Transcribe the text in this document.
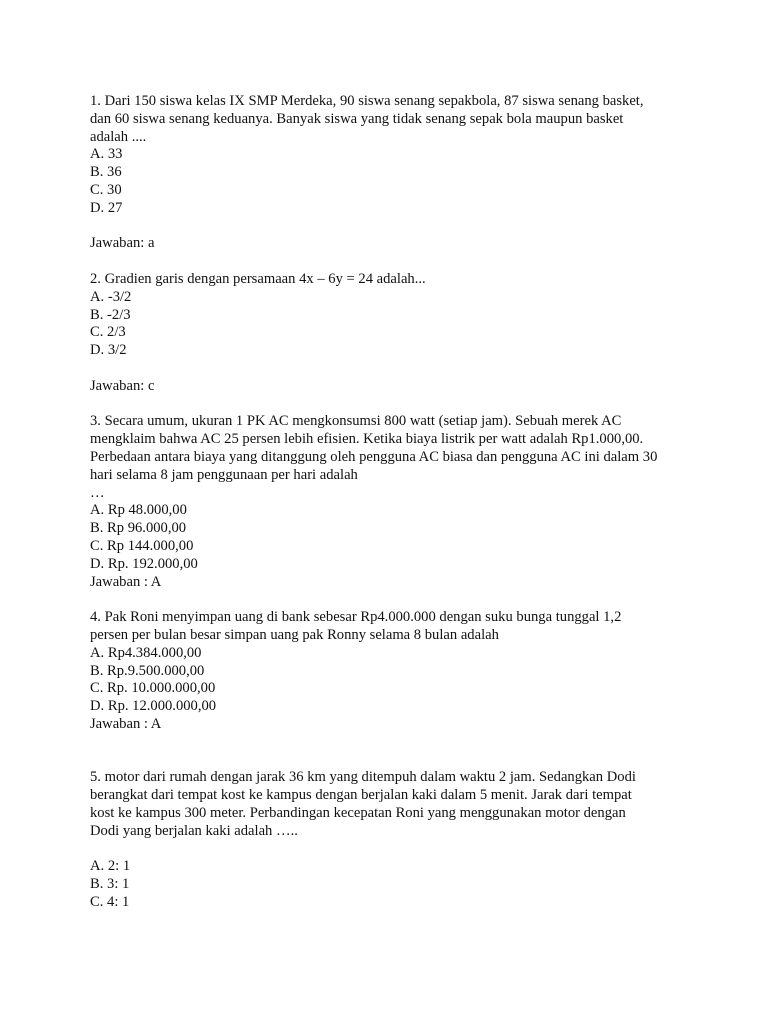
1. Dari 150 siswa kelas IX SMP Merdeka, 90 siswa senang sepakbola, 87 siswa senang basket,
dan 60 siswa senang keduanya. Banyak siswa yang tidak senang sepak bola maupun basket
adalah ....
A. 33
B. 36
C. 30
D. 27
Jawaban: a
2. Gradien garis dengan persamaan 4x – 6y = 24 adalah...
A. -3/2
B. -2/3
C. 2/3
D. 3/2
Jawaban: c
3. Secara umum, ukuran 1 PK AC mengkonsumsi 800 watt (setiap jam). Sebuah merek AC
mengklaim bahwa AC 25 persen lebih efisien. Ketika biaya listrik per watt adalah Rp1.000,00.
Perbedaan antara biaya yang ditanggung oleh pengguna AC biasa dan pengguna AC ini dalam 30
hari selama 8 jam penggunaan per hari adalah
…
A. Rp 48.000,00
B. Rp 96.000,00
C. Rp 144.000,00
D. Rp. 192.000,00
Jawaban : A
4. Pak Roni menyimpan uang di bank sebesar Rp4.000.000 dengan suku bunga tunggal 1,2
persen per bulan besar simpan uang pak Ronny selama 8 bulan adalah
A. Rp4.384.000,00
B. Rp.9.500.000,00
C. Rp. 10.000.000,00
D. Rp. 12.000.000,00
Jawaban : A
5. motor dari rumah dengan jarak 36 km yang ditempuh dalam waktu 2 jam. Sedangkan Dodi
berangkat dari tempat kost ke kampus dengan berjalan kaki dalam 5 menit. Jarak dari tempat
kost ke kampus 300 meter. Perbandingan kecepatan Roni yang menggunakan motor dengan
Dodi yang berjalan kaki adalah …..
A. 2: 1
B. 3: 1
C. 4: 1
